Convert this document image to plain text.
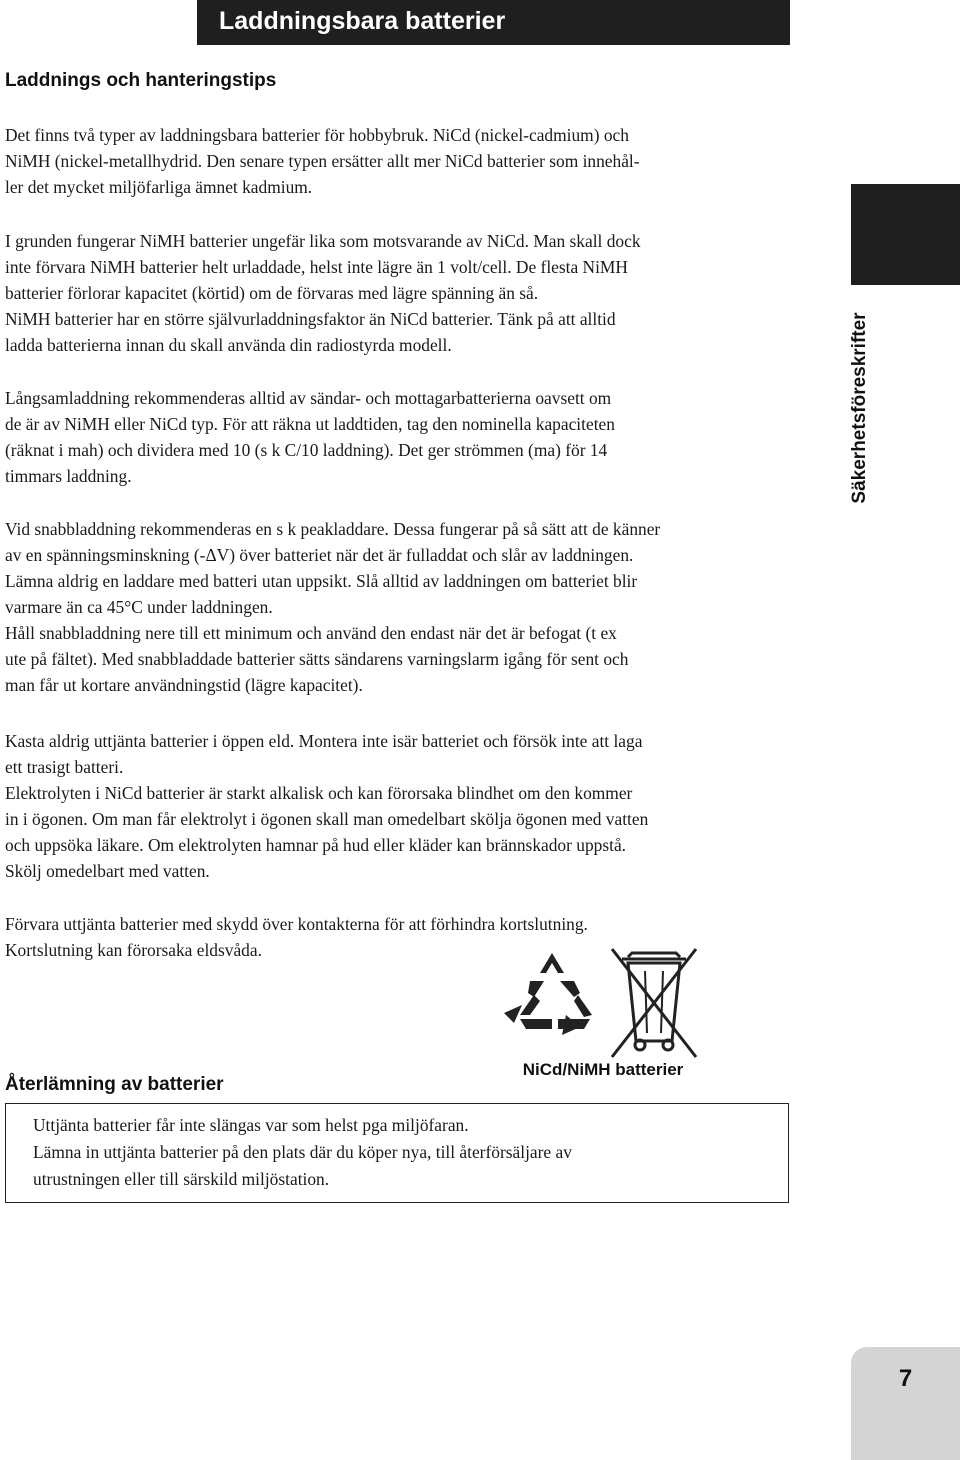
Laddningsbara batterier
Laddnings och hanteringstips
Det finns två typer av laddningsbara batterier för hobbybruk. NiCd (nickel-cadmium) och
NiMH (nickel-metallhydrid. Den senare typen ersätter allt mer NiCd batterier som innehål-
ler det mycket miljöfarliga ämnet kadmium.
I grunden fungerar NiMH batterier ungefär lika som motsvarande av NiCd. Man skall dock
inte förvara NiMH batterier helt urladdade, helst inte lägre än 1 volt/cell. De flesta NiMH
batterier förlorar kapacitet (körtid) om de förvaras med lägre spänning än så.
NiMH batterier har en större självurladdningsfaktor än NiCd batterier. Tänk på att alltid
ladda batterierna innan du skall använda din radiostyrda modell.
Långsamladdning rekommenderas alltid av sändar- och mottagarbatterierna oavsett om
de är av NiMH eller NiCd typ. För att räkna ut laddtiden, tag den nominella kapaciteten
(räknat i mah) och dividera med 10 (s k C/10 laddning). Det ger strömmen (ma) för 14
timmars laddning.
Vid snabbladdning rekommenderas en s k peakladdare. Dessa fungerar på så sätt att de känner
av en spänningsminskning (-ΔV) över batteriet när det är fulladdat och slår av laddningen.
Lämna aldrig en laddare med batteri utan uppsikt. Slå alltid av laddningen om batteriet blir
varmare än ca 45°C under laddningen.
Håll snabbladdning nere till ett minimum och använd den endast när det är befogat (t ex
ute på fältet). Med snabbladdade batterier sätts sändarens varningslarm igång för sent och
man får ut kortare användningstid (lägre kapacitet).
Kasta aldrig uttjänta batterier i öppen eld. Montera inte isär batteriet och försök inte att laga
ett trasigt batteri.
Elektrolyten i NiCd batterier är starkt alkalisk och kan förorsaka blindhet om den kommer
in i ögonen. Om man får elektrolyt i ögonen skall man omedelbart skölja ögonen med vatten
och uppsöka läkare. Om elektrolyten hamnar på hud eller kläder kan brännskador uppstå.
Skölj omedelbart med vatten.
Förvara uttjänta batterier med skydd över kontakterna för att förhindra kortslutning.
Kortslutning kan förorsaka eldsvåda.
NiCd/NiMH batterier
Återlämning av batterier
Uttjänta batterier får inte slängas var som helst pga miljöfaran.
Lämna in uttjänta batterier på den plats där du köper nya, till återförsäljare av
utrustningen eller till särskild miljöstation.
Säkerhetsföreskrifter
7
